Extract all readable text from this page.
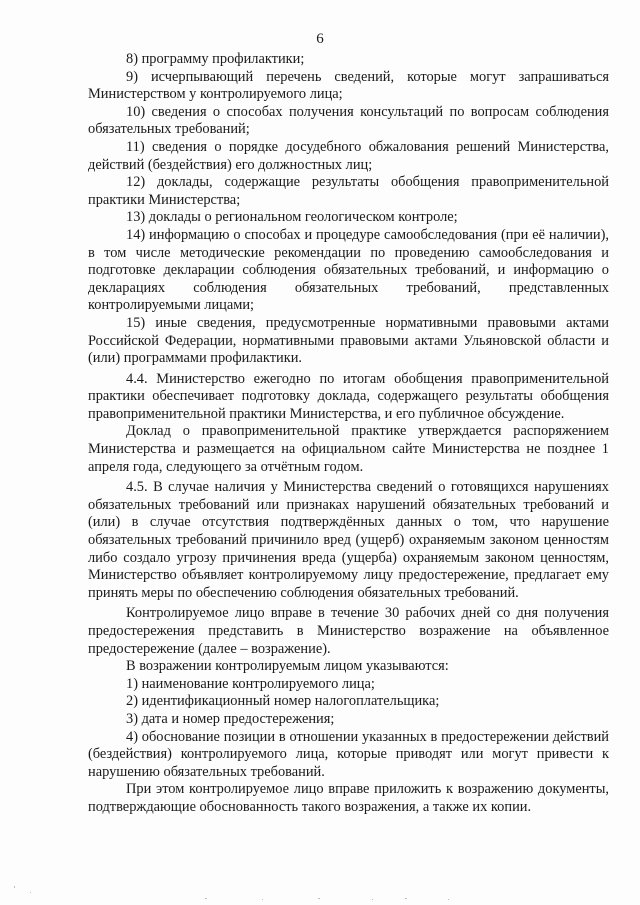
6

8) программу профилактики;

9) исчерпывающий перечень сведений, которые могут запрашиваться Министерством у контролируемого лица;

10) сведения о способах получения консультаций по вопросам соблюдения обязательных требований;

11) сведения о порядке досудебного обжалования решений Министерства, действий (бездействия) его должностных лиц;

12) доклады, содержащие результаты обобщения правоприменительной практики Министерства;

13) доклады о региональном геологическом контроле;

14) информацию о способах и процедуре самообследования (при её наличии), в том числе методические рекомендации по проведению самообследования и подготовке декларации соблюдения обязательных требований, и информацию о декларациях соблюдения обязательных требований, представленных контролируемыми лицами;

15) иные сведения, предусмотренные нормативными правовыми актами Российской Федерации, нормативными правовыми актами Ульяновской области и (или) программами профилактики.

4.4. Министерство ежегодно по итогам обобщения правоприменительной практики обеспечивает подготовку доклада, содержащего результаты обобщения правоприменительной практики Министерства, и его публичное обсуждение.

Доклад о правоприменительной практике утверждается распоряжением Министерства и размещается на официальном сайте Министерства не позднее 1 апреля года, следующего за отчётным годом.

4.5. В случае наличия у Министерства сведений о готовящихся нарушениях обязательных требований или признаках нарушений обязательных требований и (или) в случае отсутствия подтверждённых данных о том, что нарушение обязательных требований причинило вред (ущерб) охраняемым законом ценностям либо создало угрозу причинения вреда (ущерба) охраняемым законом ценностям, Министерство объявляет контролируемому лицу предостережение, предлагает ему принять меры по обеспечению соблюдения обязательных требований.

Контролируемое лицо вправе в течение 30 рабочих дней со дня получения предостережения представить в Министерство возражение на объявленное предостережение (далее – возражение).

В возражении контролируемым лицом указываются:

1) наименование контролируемого лица;

2) идентификационный номер налогоплательщика;

3) дата и номер предостережения;

4) обоснование позиции в отношении указанных в предостережении действий (бездействия) контролируемого лица, которые приводят или могут привести к нарушению обязательных требований.

При этом контролируемое лицо вправе приложить к возражению документы, подтверждающие обоснованность такого возражения, а также их копии.
